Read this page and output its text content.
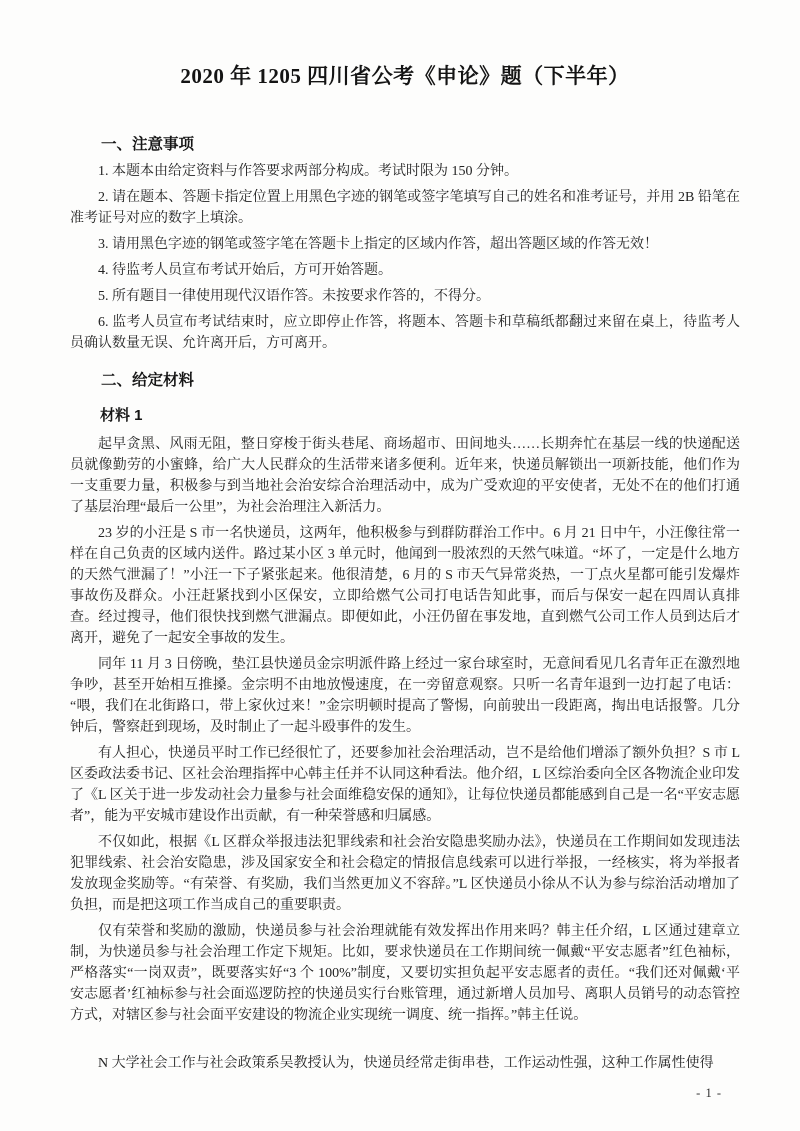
2020 年 1205 四川省公考《申论》题（下半年）
一、注意事项

1. 本题本由给定资料与作答要求两部分构成。考试时限为 150 分钟。

2. 请在题本、答题卡指定位置上用黑色字迹的钢笔或签字笔填写自己的姓名和准考证号，并用 2B 铅笔在准考证号对应的数字上填涂。

3. 请用黑色字迹的钢笔或签字笔在答题卡上指定的区域内作答，超出答题区域的作答无效！

4. 待监考人员宣布考试开始后，方可开始答题。

5. 所有题目一律使用现代汉语作答。未按要求作答的，不得分。

6. 监考人员宣布考试结束时，应立即停止作答，将题本、答题卡和草稿纸都翻过来留在桌上，待监考人员确认数量无误、允许离开后，方可离开。

二、给定材料
材料 1

起早贪黑、风雨无阻，整日穿梭于街头巷尾、商场超市、田间地头……长期奔忙在基层一线的快递配送员就像勤劳的小蜜蜂，给广大人民群众的生活带来诸多便利。近年来，快递员解锁出一项新技能，他们作为一支重要力量，积极参与到当地社会治安综合治理活动中，成为广受欢迎的平安使者，无处不在的他们打通了基层治理“最后一公里”，为社会治理注入新活力。

23 岁的小汪是 S 市一名快递员，这两年，他积极参与到群防群治工作中。6 月 21 日中午，小汪像往常一样在自己负责的区域内送件。路过某小区 3 单元时，他闻到一股浓烈的天然气味道。“坏了，一定是什么地方的天然气泄漏了！”小汪一下子紧张起来。他很清楚，6 月的 S 市天气异常炎热，一丁点火星都可能引发爆炸事故伤及群众。小汪赶紧找到小区保安，立即给燃气公司打电话告知此事，而后与保安一起在四周认真排查。经过搜寻，他们很快找到燃气泄漏点。即便如此，小汪仍留在事发地，直到燃气公司工作人员到达后才离开，避免了一起安全事故的发生。

同年 11 月 3 日傍晚，垫江县快递员金宗明派件路上经过一家台球室时，无意间看见几名青年正在激烈地争吵，甚至开始相互推搡。金宗明不由地放慢速度，在一旁留意观察。只听一名青年退到一边打起了电话：“喂，我们在北街路口，带上家伙过来！”金宗明顿时提高了警惕，向前驶出一段距离，掏出电话报警。几分钟后，警察赶到现场，及时制止了一起斗殴事件的发生。

有人担心，快递员平时工作已经很忙了，还要参加社会治理活动，岂不是给他们增添了额外负担？S 市 L 区委政法委书记、区社会治理指挥中心韩主任并不认同这种看法。他介绍，L 区综治委向全区各物流企业印发了《L 区关于进一步发动社会力量参与社会面维稳安保的通知》，让每位快递员都能感到自己是一名“平安志愿者”，能为平安城市建设作出贡献，有一种荣誉感和归属感。

不仅如此，根据《L 区群众举报违法犯罪线索和社会治安隐患奖励办法》，快递员在工作期间如发现违法犯罪线索、社会治安隐患，涉及国家安全和社会稳定的情报信息线索可以进行举报，一经核实，将为举报者发放现金奖励等。“有荣誉、有奖励，我们当然更加义不容辞。”L 区快递员小徐从不认为参与综治活动增加了负担，而是把这项工作当成自己的重要职责。

仅有荣誉和奖励的激励，快递员参与社会治理就能有效发挥出作用来吗？韩主任介绍，L 区通过建章立制，为快递员参与社会治理工作定下规矩。比如，要求快递员在工作期间统一佩戴“平安志愿者”红色袖标，严格落实“一岗双责”，既要落实好“3 个 100%”制度，又要切实担负起平安志愿者的责任。“我们还对佩戴‘平安志愿者’红袖标参与社会面巡逻防控的快递员实行台账管理，通过新增人员加号、离职人员销号的动态管控方式，对辖区参与社会面平安建设的物流企业实现统一调度、统一指挥。”韩主任说。

N 大学社会工作与社会政策系吴教授认为，快递员经常走街串巷，工作运动性强，这种工作属性使得

- 1 -
